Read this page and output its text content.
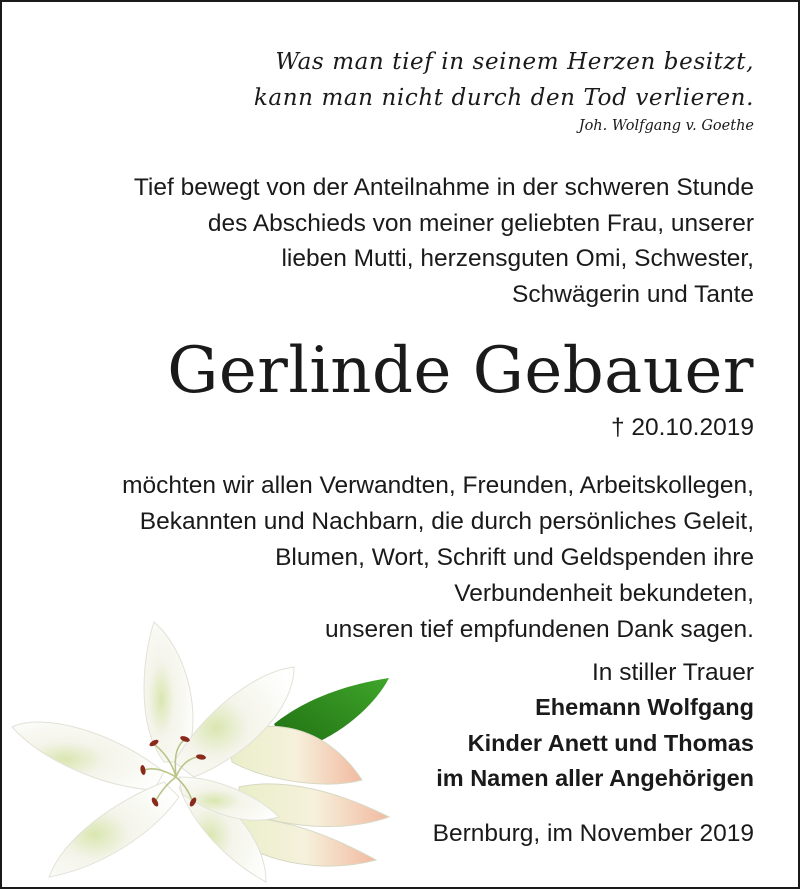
Was man tief in seinem Herzen besitzt,
kann man nicht durch den Tod verlieren.
Joh. Wolfgang v. Goethe
Tief bewegt von der Anteilnahme in der schweren Stunde
des Abschieds von meiner geliebten Frau, unserer
lieben Mutti, herzensguten Omi, Schwester,
Schwägerin und Tante
Gerlinde Gebauer
† 20.10.2019
möchten wir allen Verwandten, Freunden, Arbeitskollegen,
Bekannten und Nachbarn, die durch persönliches Geleit,
Blumen, Wort, Schrift und Geldspenden ihre
Verbundenheit bekundeten,
unseren tief empfundenen Dank sagen.
In stiller Trauer
Ehemann Wolfgang
Kinder Anett und Thomas
im Namen aller Angehörigen
Bernburg, im November 2019
